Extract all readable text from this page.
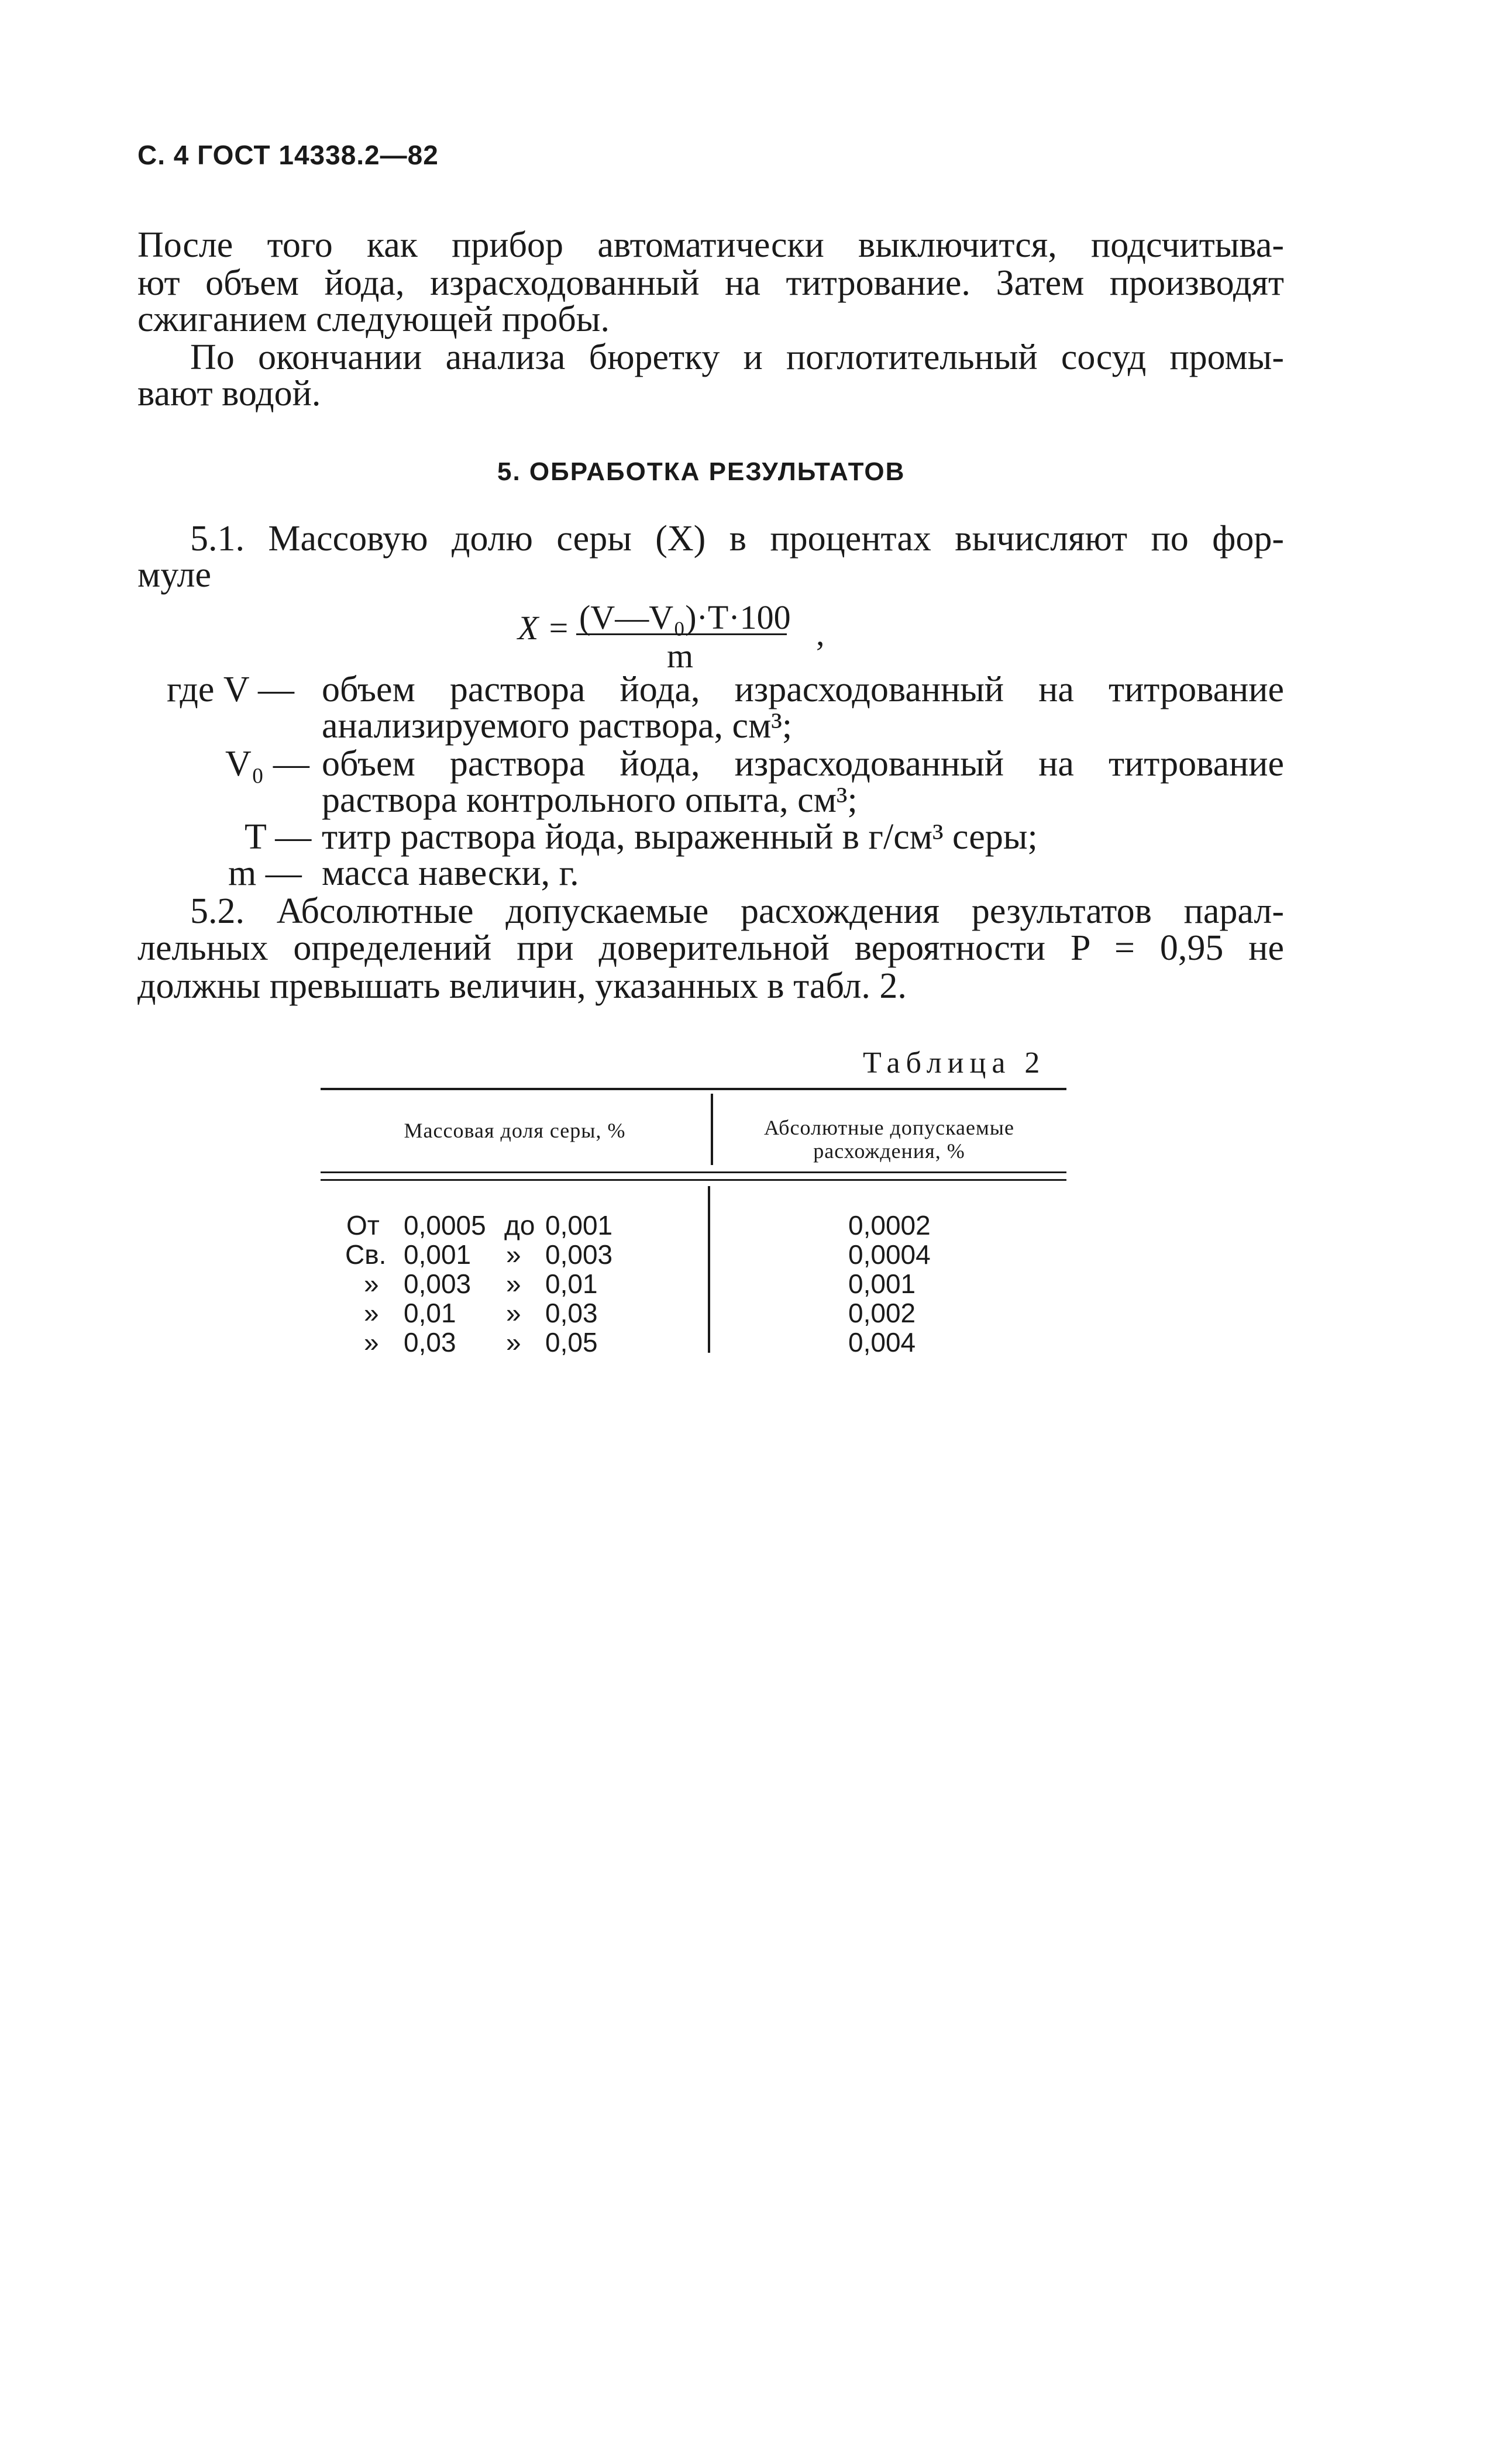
С. 4 ГОСТ 14338.2—82
После того как прибор автоматически выключится, подсчитыва-
ют объем йода, израсходованный на титрование. Затем производят
сжиганием следующей пробы.
По окончании анализа бюретку и поглотительный сосуд промы-
вают водой.
5. ОБРАБОТКА РЕЗУЛЬТАТОВ
5.1. Массовую долю серы (X) в процентах вычисляют по фор-
муле
X = (V—V₀)·T·100
m
,
где V — объем раствора йода, израсходованный на титрование
анализируемого раствора, см³;
V₀ — объем раствора йода, израсходованный на титрование
раствора контрольного опыта, см³;
T — титр раствора йода, выраженный в г/см³ серы;
m — масса навески, г.
5.2. Абсолютные допускаемые расхождения результатов парал-
лельных определений при доверительной вероятности P = 0,95 не
должны превышать величин, указанных в табл. 2.
Таблица 2
Массовая доля серы, %	Абсолютные допускаемые расхождения, %
От 0,0005 до 0,001	0,0002
Св. 0,001 » 0,003	0,0004
» 0,003 » 0,01	0,001
» 0,01 » 0,03	0,002
» 0,03 » 0,05	0,004
